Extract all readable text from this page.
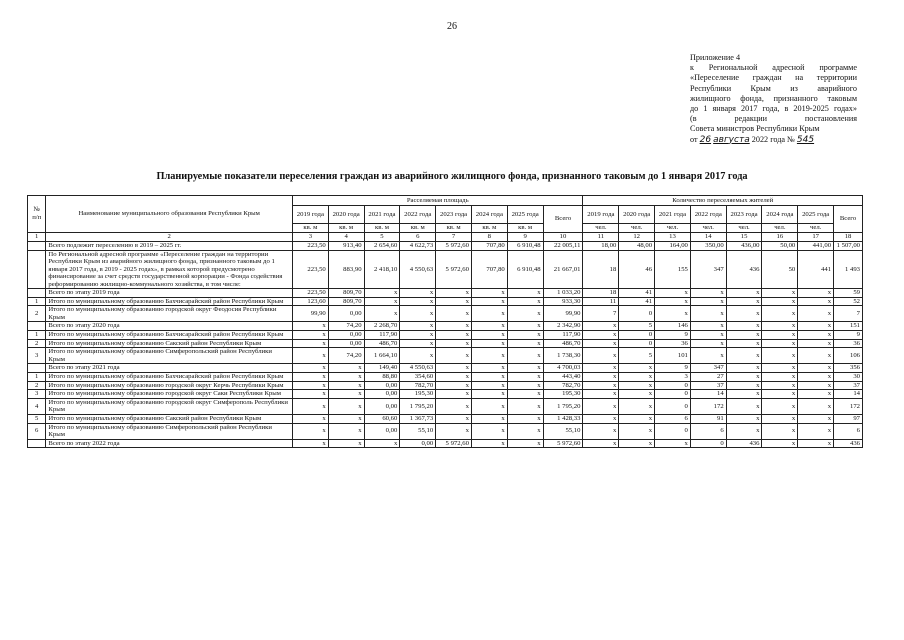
26
Приложение 4
к Региональной адресной программе
«Переселение граждан на территории
Республики Крым из аварийного
жилищного фонда, признанного таковым
до 1 января 2017 года, в 2019-2025 годах»
(в редакции постановления
Совета министров Республики Крым
от 26 августа 2022 года № 545
Планируемые показатели переселения граждан из аварийного жилищного фонда, признанного таковым до 1 января 2017 года
№ п/п	Наименование муниципального образования Республики Крым	Расселяемая площадь								Количество переселяемых жителей							
		2019 года	2020 года	2021 года	2022 года	2023 года	2024 года	2025 года	Всего	2019 года	2020 года	2021 года	2022 года	2023 года	2024 года	2025 года	Всего
		кв. м	кв. м	кв. м	кв. м	кв. м	кв. м	кв. м		чел.	чел.	чел.	чел.	чел.	чел.	чел.	
1	2	3	4	5	6	7	8	9	10	11	12	13	14	15	16	17	18
	Всего подлежит переселению в 2019 – 2025 гг.	223,50	913,40	2 654,60	4 622,73	5 972,60	707,80	6 910,48	22 005,11	18,00	48,00	164,00	350,00	436,00	50,00	441,00	1 507,00
	По Региональной адресной программе «Переселение граждан на территории Республики Крым из аварийного жилищного фонда, признанного таковым до 1 января 2017 года, в 2019 - 2025 годах», в рамках которой предусмотрено финансирование за счет средств государственной корпорации - Фонда содействия реформированию жилищно-коммунального хозяйства, в том числе:	223,50	883,90	2 418,10	4 550,63	5 972,60	707,80	6 910,48	21 667,01	18	46	155	347	436	50	441	1 493
	Всего по этапу 2019 года	223,50	809,70	x	x	x	x	x	1 033,20	18	41	x	x	x	x	x	59
1	Итого по муниципальному образованию Бахчисарайский район Республики Крым	123,60	809,70	x	x	x	x	x	933,30	11	41	x	x	x	x	x	52
2	Итого по муниципальному образованию городской округ Феодосия Республики Крым	99,90	0,00	x	x	x	x	x	99,90	7	0	x	x	x	x	x	7
	Всего по этапу 2020 года	x	74,20	2 268,70	x	x	x	x	2 342,90	x	5	146	x	x	x	x	151
1	Итого по муниципальному образованию Бахчисарайский район Республики Крым	x	0,00	117,90	x	x	x	x	117,90	x	0	9	x	x	x	x	9
2	Итого по муниципальному образованию Сакский район Республики Крым	x	0,00	486,70	x	x	x	x	486,70	x	0	36	x	x	x	x	36
3	Итого по муниципальному образованию Симферопольский район Республики Крым	x	74,20	1 664,10	x	x	x	x	1 738,30	x	5	101	x	x	x	x	106
	Всего по этапу 2021 года	x	x	149,40	4 550,63	x	x	x	4 700,03	x	x	9	347	x	x	x	356
1	Итого по муниципальному образованию Бахчисарайский район Республики Крым	x	x	88,80	354,60	x	x	x	443,40	x	x	3	27	x	x	x	30
2	Итого по муниципальному образованию городской округ Керчь Республики Крым	x	x	0,00	782,70	x	x	x	782,70	x	x	0	37	x	x	x	37
3	Итого по муниципальному образованию городской округ Саки Республики Крым	x	x	0,00	195,30	x	x	x	195,30	x	x	0	14	x	x	x	14
4	Итого по муниципальному образованию городской округ Симферополь Республики Крым	x	x	0,00	1 795,20	x	x	x	1 795,20	x	x	0	172	x	x	x	172
5	Итого по муниципальному образованию Сакский район Республики Крым	x	x	60,60	1 367,73	x	x	x	1 428,33	x	x	6	91	x	x	x	97
6	Итого по муниципальному образованию Симферопольский район Республики Крым	x	x	0,00	55,10	x	x	x	55,10	x	x	0	6	x	x	x	6
	Всего по этапу 2022 года	x	x	x	0,00	5 972,60	x	x	5 972,60	x	x	x	0	436	x	x	436
